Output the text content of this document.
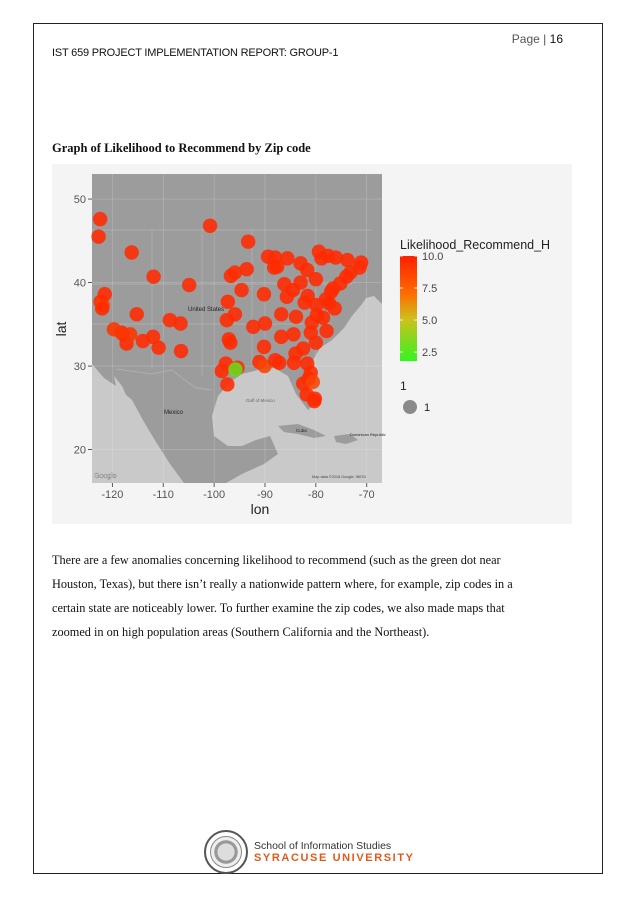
Page | 16
IST 659 PROJECT IMPLEMENTATION REPORT: GROUP-1
Graph of Likelihood to Recommend by Zip code
United States
Mexico
Gulf of Mexico
Cuba
Dominican Republic
Map data ©2018 Google, INEGI
Google
-120	-110	-100	-90	-80	-70
20
30
40
50
lon
lat
Likelihood_Recommend_H
10.0
7.5
5.0
2.5
1
1

There are a few anomalies concerning likelihood to recommend (such as the green dot near

Houston, Texas), but there isn’t really a nationwide pattern where, for example, zip codes in a

certain state are noticeably lower. To further examine the zip codes, we also made maps that

zoomed in on high population areas (Southern California and the Northeast).

School of Information Studies
SYRACUSE UNIVERSITY
